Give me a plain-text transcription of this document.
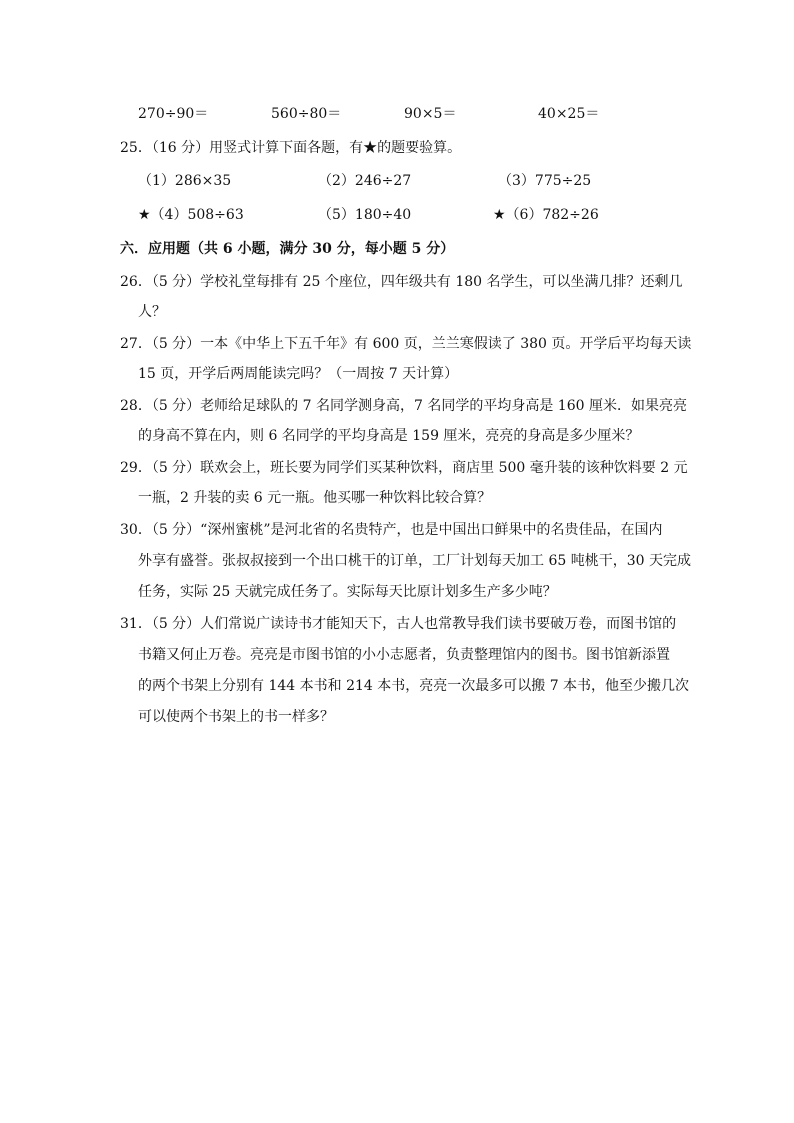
270÷90＝	560÷80＝	90×5＝	40×25＝
25．（16 分）用竖式计算下面各题，有★的题要验算。
（1）286×35	（2）246÷27	（3）775÷25
★（4）508÷63	（5）180÷40	★（6）782÷26
六．应用题（共 6 小题，满分 30 分，每小题 5 分）
26．（5 分）学校礼堂每排有 25 个座位，四年级共有 180 名学生，可以坐满几排？还剩几
人？
27．（5 分）一本《中华上下五千年》有 600 页，兰兰寒假读了 380 页。开学后平均每天读
15 页，开学后两周能读完吗？（一周按 7 天计算）
28．（5 分）老师给足球队的 7 名同学测身高，7 名同学的平均身高是 160 厘米．如果亮亮
的身高不算在内，则 6 名同学的平均身高是 159 厘米，亮亮的身高是多少厘米？
29．（5 分）联欢会上，班长要为同学们买某种饮料，商店里 500 毫升装的该种饮料要 2 元
一瓶，2 升装的卖 6 元一瓶。他买哪一种饮料比较合算？
30．（5 分）“深州蜜桃”是河北省的名贵特产，也是中国出口鲜果中的名贵佳品，在国内
外享有盛誉。张叔叔接到一个出口桃干的订单，工厂计划每天加工 65 吨桃干，30 天完成
任务，实际 25 天就完成任务了。实际每天比原计划多生产多少吨？
31．（5 分）人们常说广读诗书才能知天下，古人也常教导我们读书要破万卷，而图书馆的
书籍又何止万卷。亮亮是市图书馆的小小志愿者，负责整理馆内的图书。图书馆新添置
的两个书架上分别有 144 本书和 214 本书，亮亮一次最多可以搬 7 本书，他至少搬几次
可以使两个书架上的书一样多？
